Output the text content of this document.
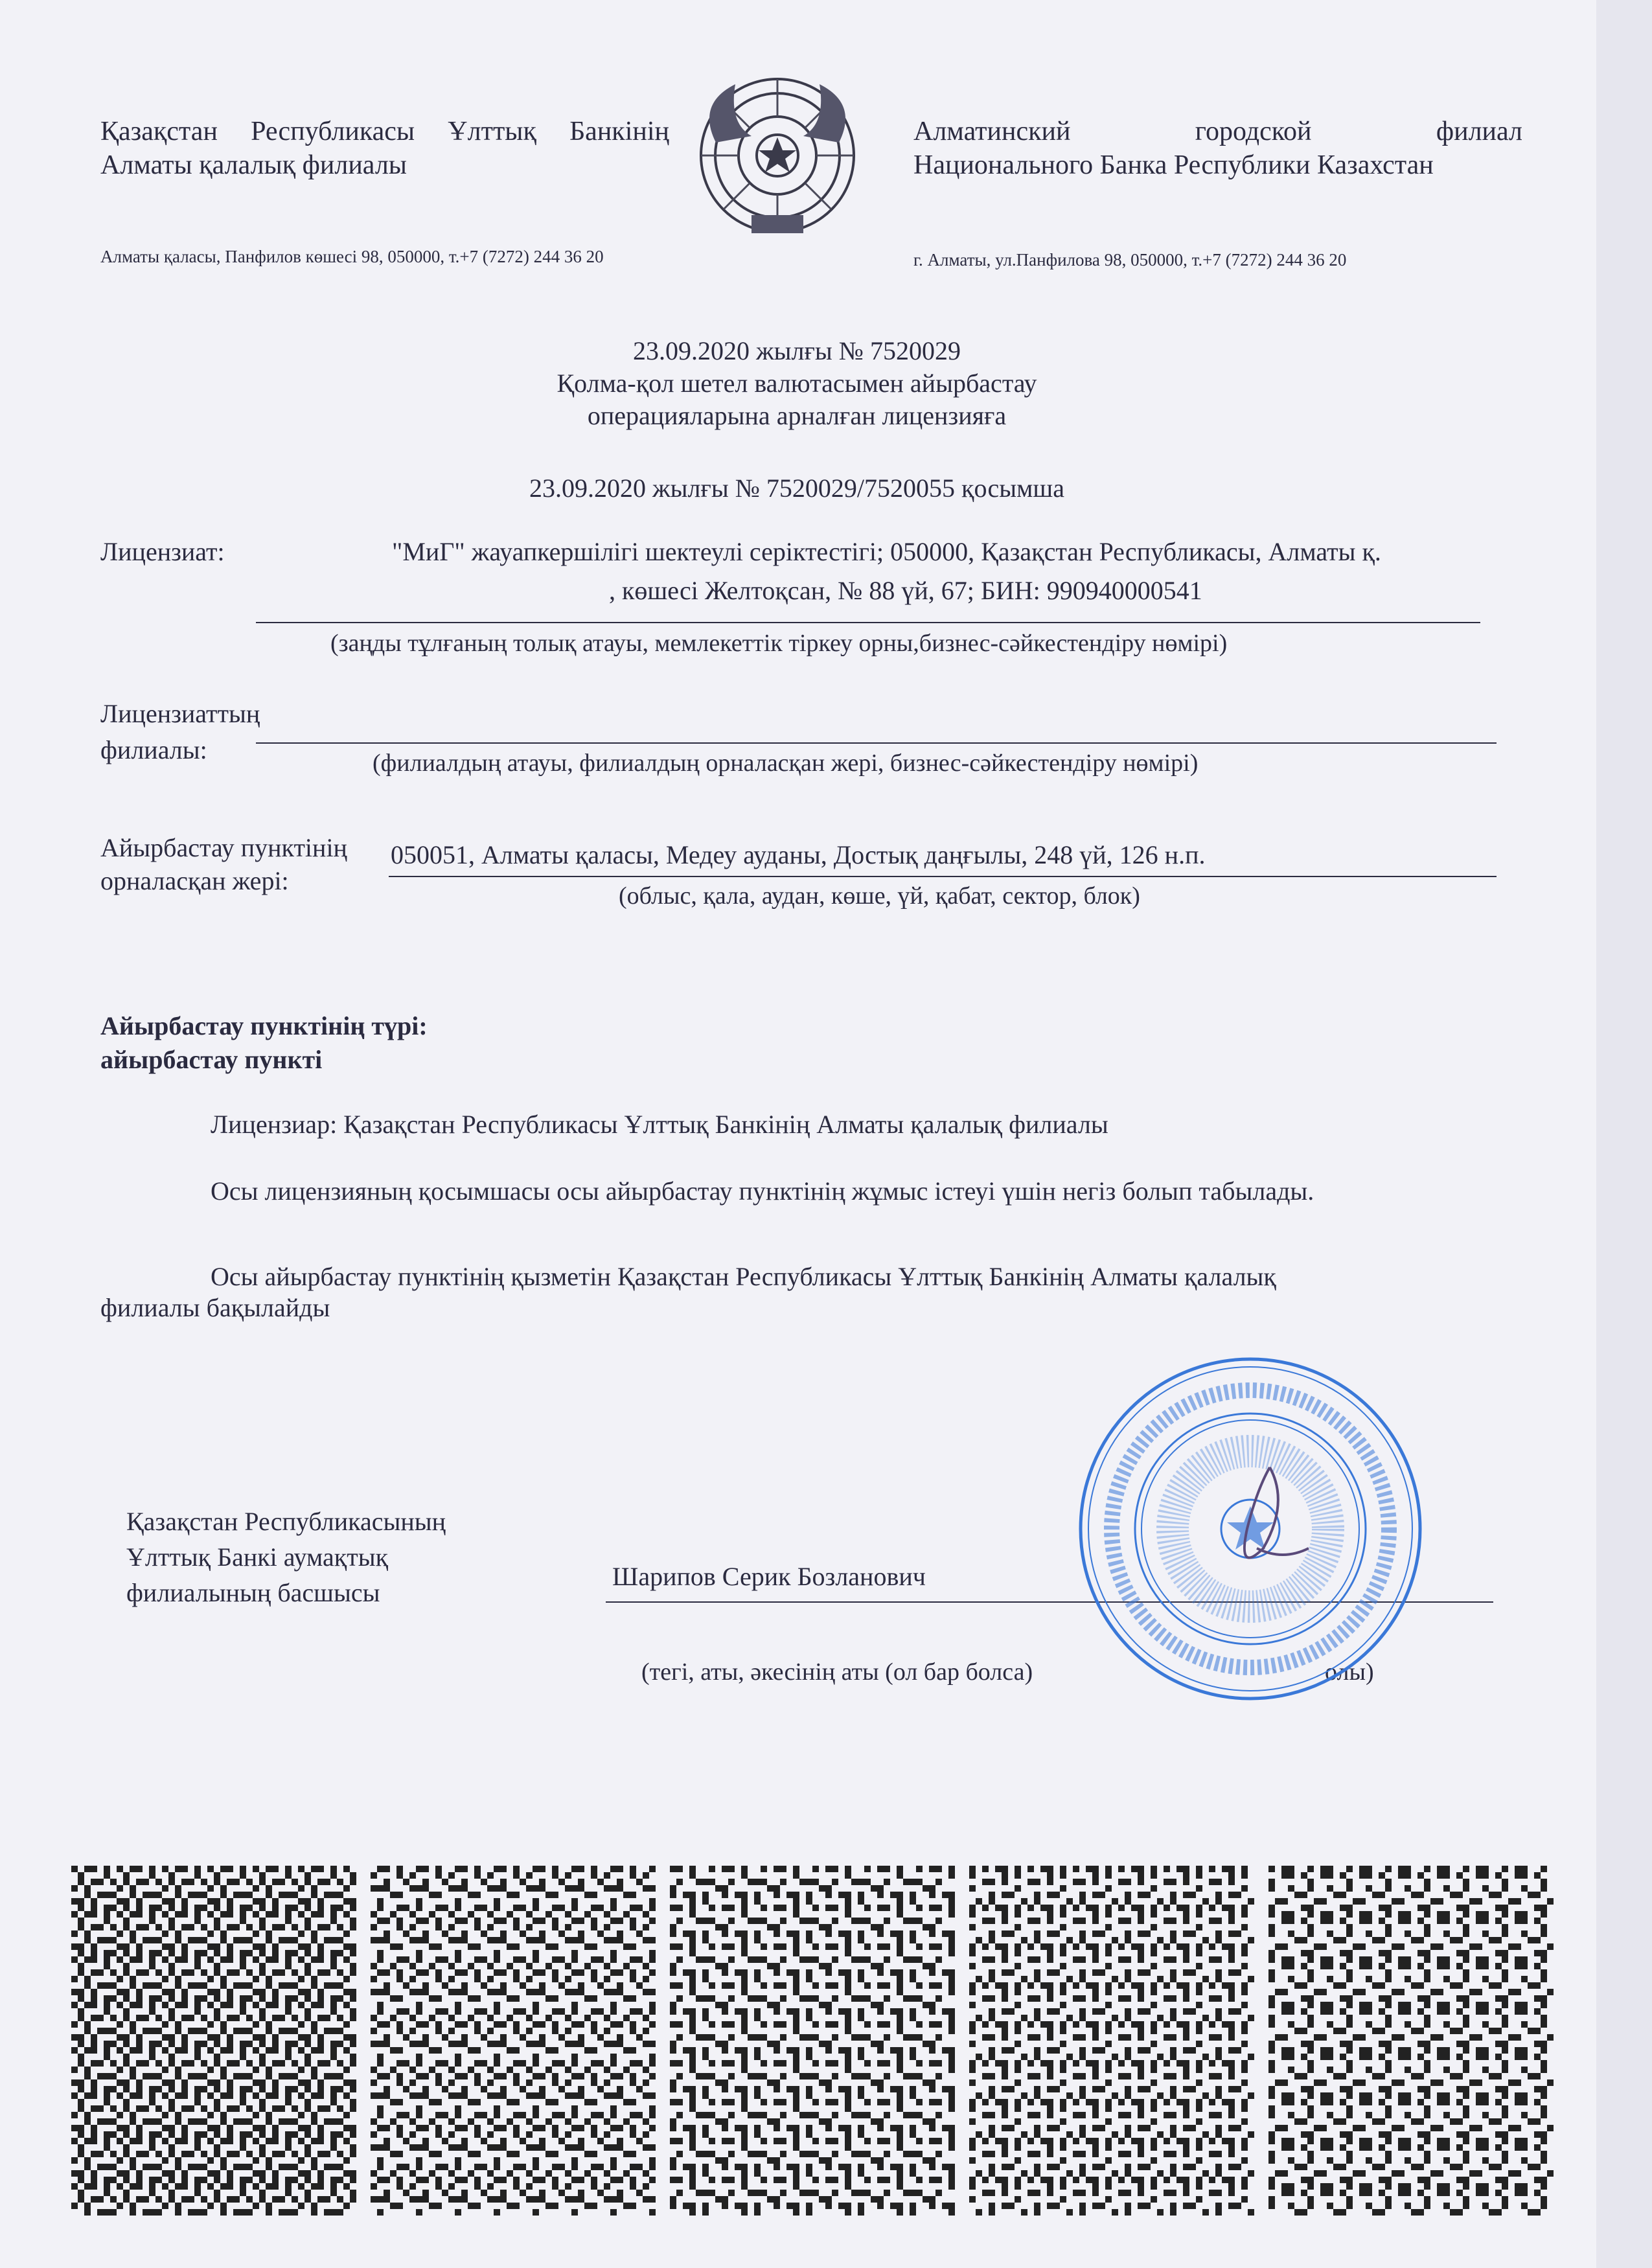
Қазақстан Республикасы Ұлттық Банкінің
Алматы қалалық филиалы
Алматы қаласы, Панфилов көшесі 98, 050000, т.+7 (7272) 244 36 20
Алматинский городской филиал
Национального Банка Республики Казахстан
г. Алматы, ул.Панфилова 98, 050000, т.+7 (7272) 244 36 20
23.09.2020 жылғы № 7520029
Қолма-қол шетел валютасымен айырбастау
операцияларына арналған лицензияға
23.09.2020 жылғы № 7520029/7520055 қосымша
Лицензиат:	"МиГ" жауапкершілігі шектеулі серіктестігі; 050000, Қазақстан Республикасы, Алматы қ.
, көшесі Желтоқсан, № 88 үй, 67; БИН: 990940000541
(заңды тұлғаның толық атауы, мемлекеттік тіркеу орны,бизнес-сәйкестендіру нөмірі)
Лицензиаттың
филиалы:	(филиалдың атауы, филиалдың орналасқан жері, бизнес-сәйкестендіру нөмірі)
Айырбастау пунктінің
орналасқан жері:
050051, Алматы қаласы, Медеу ауданы, Достық даңғылы, 248 үй, 126 н.п.
(облыс, қала, аудан, көше, үй, қабат, сектор, блок)
Айырбастау пунктінің түрі:
айырбастау пункті
Лицензиар: Қазақстан Республикасы Ұлттық Банкінің Алматы қалалық филиалы
Осы лицензияның қосымшасы осы айырбастау пунктінің жұмыс істеуі үшін негіз болып табылады.
Осы айырбастау пунктінің қызметін Қазақстан Республикасы Ұлттық Банкінің Алматы қалалық
филиалы бақылайды
Қазақстан Республикасының
Ұлттық Банкі аумақтық
филиалының басшысы
Шарипов Серик Бозланович
(тегі, аты, әкесінің аты (ол бар болса)	олы)
